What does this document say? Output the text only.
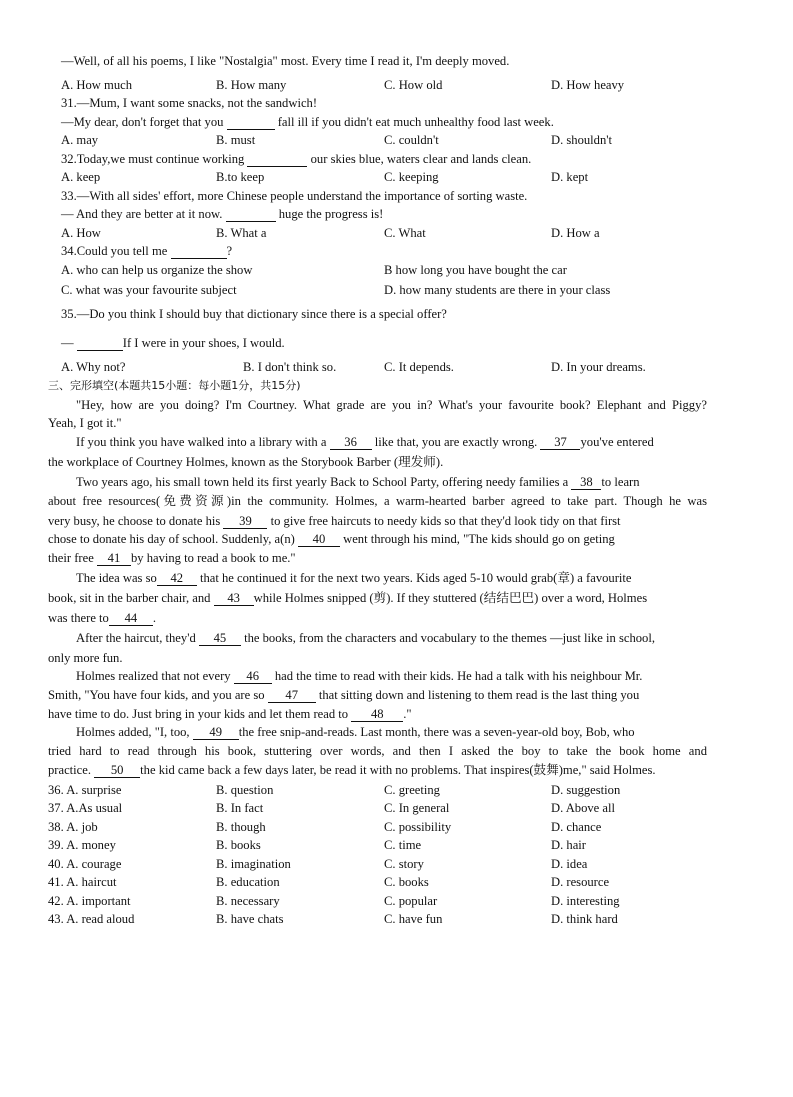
—Well, of all his poems, I like "Nostalgia" most. Every time I read it, I'm deeply moved.
A. How much	B. How many	C. How old	D. How heavy
31.—Mum, I want some snacks, not the sandwich!
—My dear, don't forget that you	fall ill if you didn't eat much unhealthy food last week.
A. may	B. must	C. couldn't	D. shouldn't
32.Today,we must continue working	our skies blue, waters clear and lands clean.
A. keep	B.to keep	C. keeping	D. kept
33.—With all sides' effort, more Chinese people understand the importance of sorting waste.
— And they are better at it now.	huge the progress is!
A. How	B. What a	C. What	D. How a
34.Could you tell me	?
A. who can help us organize the show	B how long you have bought the car
C. what was your favourite subject	D. how many students are there in your class
35.—Do you think I should buy that dictionary since there is a special offer?
—	If I were in your shoes, I would.
A. Why not?	B. I don't think so.	C. It depends.	D. In your dreams.
三、完形填空(本题共15小题：每小题1分，共15分)
"Hey, how are you doing? I'm Courtney. What grade are you in? What's your favourite book? Elephant and Piggy?
Yeah, I got it."
If you think you have walked into a library with a 36 like that, you are exactly wrong. 37 you've entered
the workplace of Courtney Holmes, known as the Storybook Barber (理发师).
Two years ago, his small town held its first yearly Back to School Party, offering needy families a 38 to learn
about free resources(免费资源)in the community. Holmes, a warm-hearted barber agreed to take part. Though he was
very busy, he choose to donate his 39 to give free haircuts to needy kids so that they'd look tidy on that first
chose to donate his day of school. Suddenly, a(n) 40 went through his mind, "The kids should go on geting
their free 41 by having to read a book to me."
The idea was so 42 that he continued it for the next two years. Kids aged 5-10 would grab(章) a favourite
book, sit in the barber chair, and 43 while Holmes snipped (剪). If they stuttered (结结巴巴) over a word, Holmes
was there to 44 .
After the haircut, they'd 45 the books, from the characters and vocabulary to the themes —just like in school,
only more fun.
Holmes realized that not every 46 had the time to read with their kids. He had a talk with his neighbour Mr.
Smith, "You have four kids, and you are so 47 that sitting down and listening to them read is the last thing you
have time to do. Just bring in your kids and let them read to 48 ."
Holmes added, "I, too, 49 the free snip-and-reads. Last month, there was a seven-year-old boy, Bob, who
tried hard to read through his book, stuttering over words, and then I asked the boy to take the book home and
practice. 50 the kid came back a few days later, be read it with no problems. That inspires(鼓舞)me," said Holmes.
36. A. surprise	B. question	C. greeting	D. suggestion
37. A.As usual	B. In fact	C. In general	D. Above all
38. A. job	B. though	C. possibility	D. chance
39. A. money	B. books	C. time	D. hair
40. A. courage	B. imagination	C. story	D. idea
41. A. haircut	B. education	C. books	D. resource
42. A. important	B. necessary	C. popular	D. interesting
43. A. read aloud	B. have chats	C. have fun	D. think hard
